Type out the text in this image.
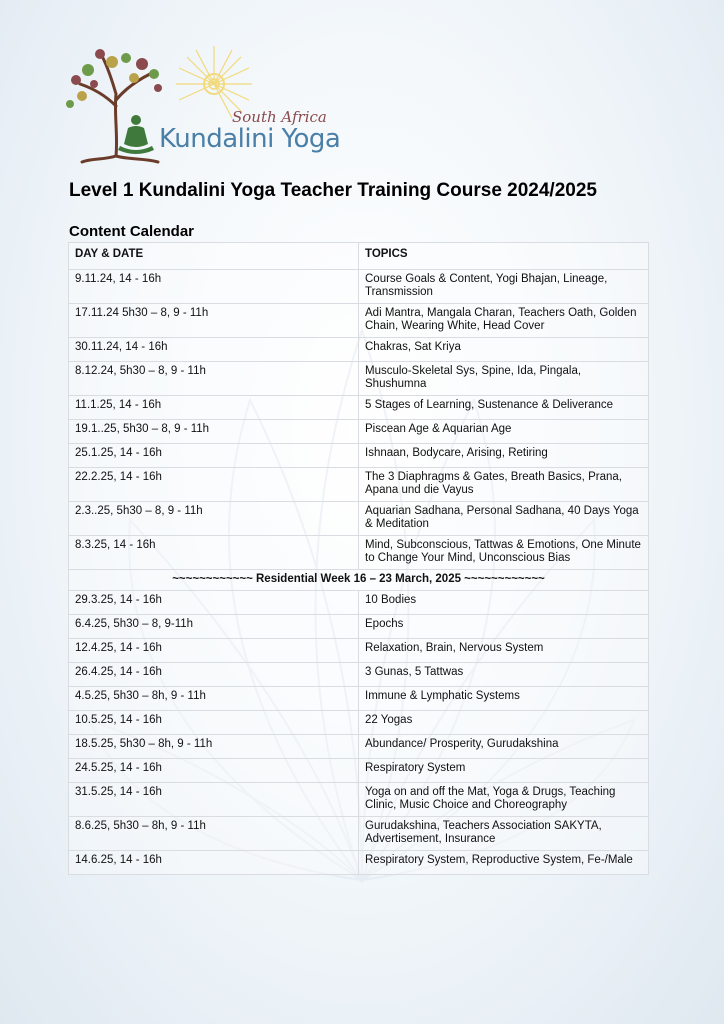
South Africa
Kundalini Yoga
Level 1 Kundalini Yoga Teacher Training Course 2024/2025
Content Calendar
DAY & DATE	TOPICS
9.11.24, 14 - 16h	Course Goals & Content, Yogi Bhajan, Lineage, Transmission
17.11.24 5h30 – 8, 9 - 11h	Adi Mantra, Mangala Charan, Teachers Oath, Golden Chain, Wearing White, Head Cover
30.11.24, 14 - 16h	Chakras, Sat Kriya
8.12.24, 5h30 – 8, 9 - 11h	Musculo-Skeletal Sys, Spine, Ida, Pingala, Shushumna
11.1.25, 14 - 16h	5 Stages of Learning, Sustenance & Deliverance
19.1..25, 5h30 – 8, 9 - 11h	Piscean Age & Aquarian Age
25.1.25, 14 - 16h	Ishnaan, Bodycare, Arising, Retiring
22.2.25, 14 - 16h	The 3 Diaphragms & Gates, Breath Basics, Prana, Apana und die Vayus
2.3..25, 5h30 – 8, 9 - 11h	Aquarian Sadhana, Personal Sadhana, 40 Days Yoga & Meditation
8.3.25, 14 - 16h	Mind, Subconscious, Tattwas & Emotions, One Minute to Change Your Mind, Unconscious Bias
~~~~~~~~~~~~ Residential Week 16 – 23 March, 2025 ~~~~~~~~~~~~	
29.3.25, 14 - 16h	10 Bodies
6.4.25, 5h30 – 8, 9-11h	Epochs
12.4.25, 14 - 16h	Relaxation, Brain, Nervous System
26.4.25, 14 - 16h	3 Gunas, 5 Tattwas
4.5.25, 5h30 – 8h, 9 - 11h	Immune & Lymphatic Systems
10.5.25, 14 - 16h	22 Yogas
18.5.25, 5h30 – 8h, 9 - 11h	Abundance/ Prosperity, Gurudakshina
24.5.25, 14 - 16h	Respiratory System
31.5.25, 14 - 16h	Yoga on and off the Mat, Yoga & Drugs, Teaching Clinic, Music Choice and Choreography
8.6.25, 5h30 – 8h, 9 - 11h	Gurudakshina, Teachers Association SAKYTA, Advertisement, Insurance
14.6.25, 14 - 16h	Respiratory System, Reproductive System, Fe-/Male
